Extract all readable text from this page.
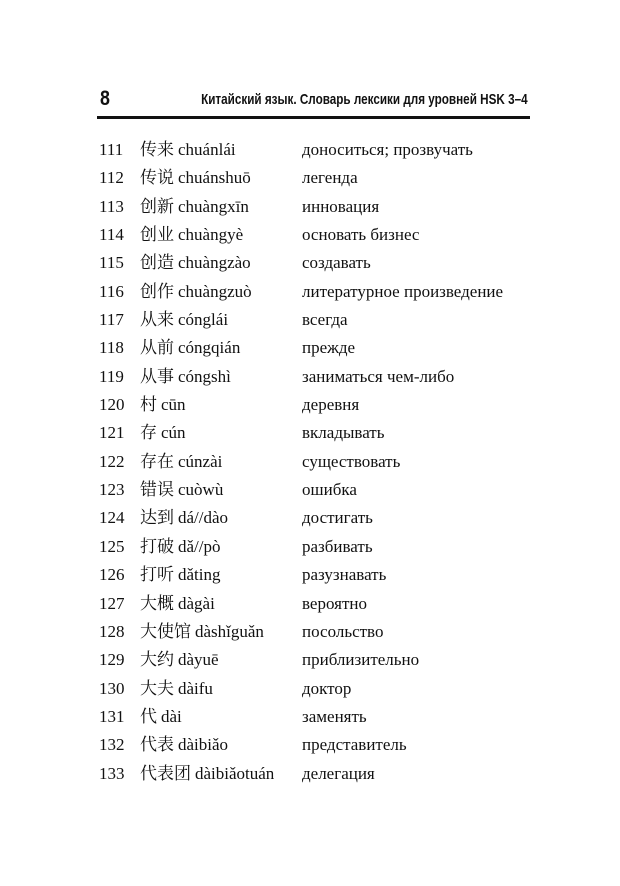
8	Китайский язык. Словарь лексики для уровней HSK 3–4
111 传来 chuánlái	доноситься; прозвучать
112 传说 chuánshuō	легенда
113 创新 chuàngxīn	инновация
114 创业 chuàngyè	основать бизнес
115 创造 chuàngzào	создавать
116 创作 chuàngzuò	литературное произведение
117 从来 cónglái	всегда
118 从前 cóngqián	прежде
119 从事 cóngshì	заниматься чем-либо
120 村 cūn	деревня
121 存 cún	вкладывать
122 存在 cúnzài	существовать
123 错误 cuòwù	ошибка
124 达到 dá//dào	достигать
125 打破 dǎ//pò	разбивать
126 打听 dǎting	разузнавать
127 大概 dàgài	вероятно
128 大使馆 dàshǐguǎn посольство
129 大约 dàyuē	приблизительно
130 大夫 dàifu	доктор
131 代 dài	заменять
132 代表 dàibiǎo	представитель
133 代表团 dàibiǎotuán делегация
